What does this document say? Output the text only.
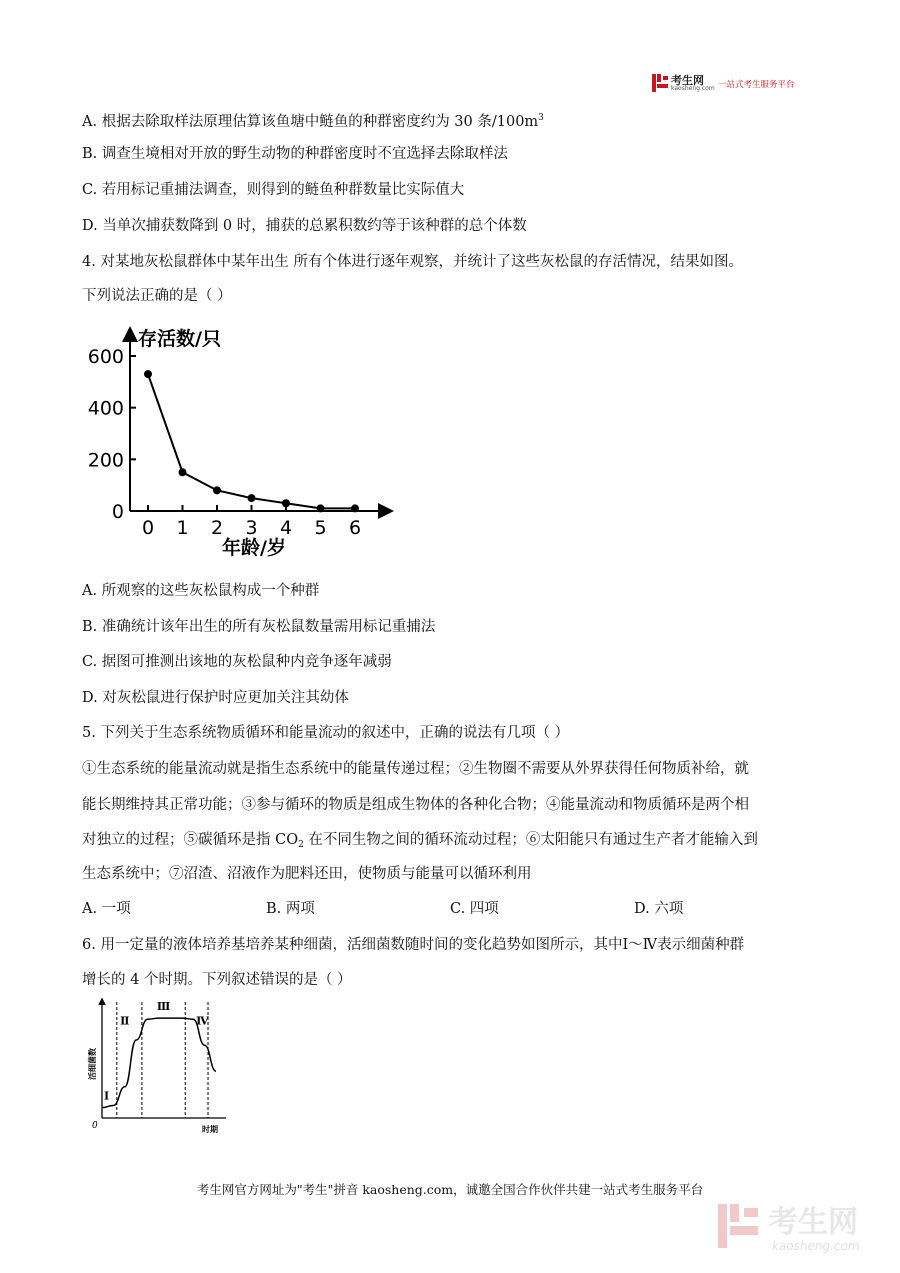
考生网
kaosheng.com 一站式考生服务平台
A. 根据去除取样法原理估算该鱼塘中鲢鱼的种群密度约为 30 条$/100m^3$
B. 调查生境相对开放的野生动物的种群密度时不宜选择去除取样法
C. 若用标记重捕法调查，则得到的鲢鱼种群数量比实际值大
D. 当单次捕获数降到 0 时，捕获的总累积数约等于该种群的总个体数
4. 对某地灰松鼠群体中某年出生 所有个体进行逐年观察，并统计了这些灰松鼠的存活情况，结果如图。
下列说法正确的是（ ）
存活数/只
年龄/岁
0
200
400
600
0 1 2 3 4 5 6
A. 所观察的这些灰松鼠构成一个种群
B. 准确统计该年出生的所有灰松鼠数量需用标记重捕法
C. 据图可推测出该地的灰松鼠种内竞争逐年减弱
D. 对灰松鼠进行保护时应更加关注其幼体
5. 下列关于生态系统物质循环和能量流动的叙述中，正确的说法有几项（ ）
①生态系统的能量流动就是指生态系统中的能量传递过程；②生物圈不需要从外界获得任何物质补给，就
能长期维持其正常功能；③参与循环的物质是组成生物体的各种化合物；④能量流动和物质循环是两个相
对独立的过程；⑤碳循环是指 $CO_2$ 在不同生物之间的循环流动过程；⑥太阳能只有通过生产者才能输入到
生态系统中；⑦沼渣、沼液作为肥料还田，使物质与能量可以循环利用
A. 一项	B. 两项	C. 四项	D. 六项
6. 用一定量的液体培养基培养某种细菌，活细菌数随时间的变化趋势如图所示，其中Ⅰ～Ⅳ表示细菌种群
增长的 4 个时期。下列叙述错误的是（ ）
活细菌数
时期
0
Ⅰ
Ⅱ
Ⅲ
Ⅳ
考生网官方网址为"考生"拼音 kaosheng.com，诚邀全国合作伙伴共建一站式考生服务平台
考生网
kaosheng.com
